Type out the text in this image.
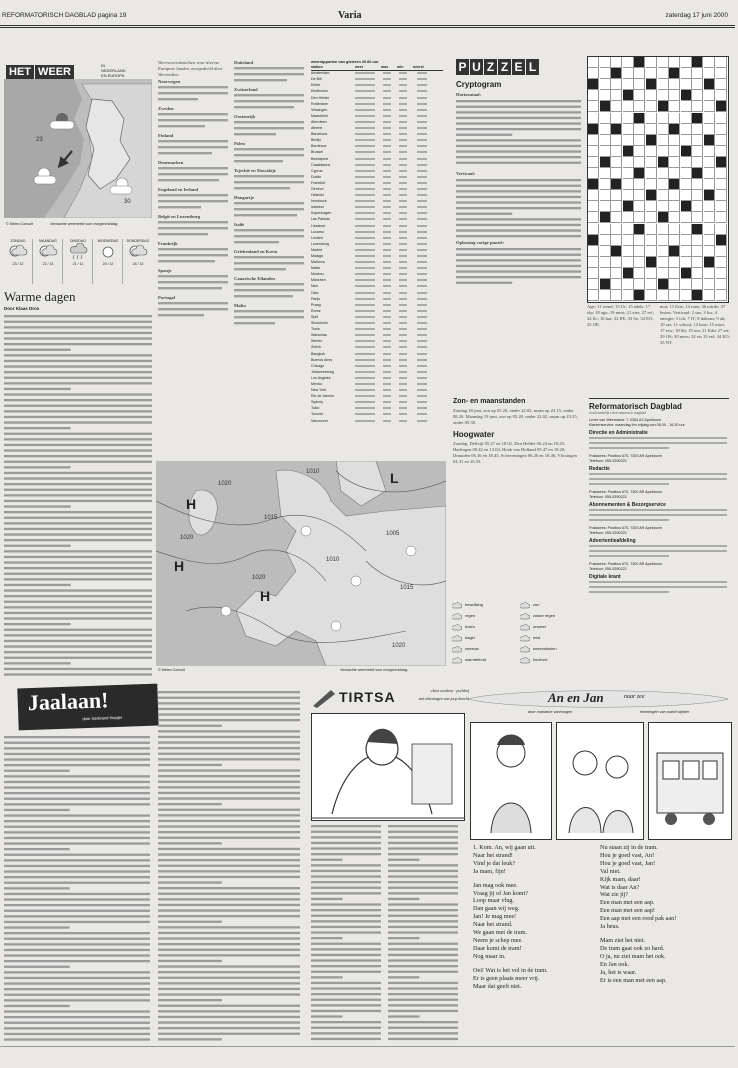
REFORMATORISCH DAGBLAD pagina 19	Varia	zaterdag 17 juni 2000
HET WEER
IN NEDERLAND EN EUROPA
23
30
© Meteo Consult	Verwachte weerbeeld voor morgenmiddag
ZONDAG
23 / 12
MAANDAG
22 / 13
DINSDAG
21 / 11
WOENSDAG
20 / 12
DONDERDAG
24 / 13
Warme dagen
Door Klaas Dros

Weersvooruitzichten voor diverse Europese landen, meegedeeld door Weeronline.

Noorwegen

Zweden

Finland

Denemarken

Engeland en Ierland

België en Luxemburg

Frankrijk

Spanje

Portugal

Duitsland

Zwitserland

Oostenrijk

Polen

Tsjechië en Slowakije

Hongarije

Italië

Griekenland en Kreta

Canarische Eilanden

Malta

weerrapporten van gisteren 20.00 uur
station	weer	max	min	neersl
Amsterdam
De Bilt
Eelde
Eindhoven
Den Helder
Rotterdam
Vlissingen
Maastricht
Aberdeen
Athene
Barcelona
Berlijn
Bordeaux
Brussel
Boedapest
Casablanca
Cyprus
Dublin
Frankfurt
Genève
Helsinki
Innsbruck
Istanbul
Kopenhagen
Las Palmas
Lissabon
Locarno
Londen
Luxemburg
Madrid
Malaga
Mallorca
Malta
Moskou
München
Nice
Oslo
Parijs
Praag
Rome
Split
Stockholm
Tunis
Warschau
Wenen
Zürich
Bangkok
Buenos Aires
Chicago
Johannesburg
Los Angeles
Mexico
New York
Rio de Janeiro
Sydney
Tokio
Toronto
Vancouver
P U Z Z E L
Cryptogram

Horizontaal:

Verticaal:

Oplossing vorige puzzel:

Age; 11 wend; 15 Ur; 15 adels; 17 elp; 18 ago; 19 mest; 21 zier; 27 erf; 24 Ilc; 16 hat; 32 EE; 33 Se; 34 EO; 35 OE.

mot; 11 Erie; 14 rune; 36 nitrile; 37 lesten. Verticaal: 2 sus; 3 los; 4 energie; 5 ich; 7 IT; 8 daltons; 9 ah; 10 ras; 11 schoot; 13 kars; 15 mira; 17 erw; 18 lib; 19 ion; 21 Eder 27 set; 29 OS; 30 mers; 32 ets 33 eel; 34 EO; 35 NT.

Zon- en maanstanden

Zondag 18 juni, zon op 05.20, onder 22.02, maan op 23.15, onder 08.26. Maandag 19 juni, zon op 05.20, onder 22.02, maan op 23.55, onder 09.38.

Hoogwater

Zondag: Delfzijl 05.27 en 18.02, Den Helder 06.24 en 18.45, Harlingen 00.42 en 13.04, Hoek van Holland 05.47 en 18.20, IJmuiden 06.16 en 18.45, Scheveningen 06.20 en 18.46, Vlissingen 04.31 en 16.55.

Reformatorisch Dagblad
onafhankelijk reformatorisch dagblad
Lezer van Weerstand: T. 0354 AZ Apeldoorn
Klantenservice: maandag t/m vrijdag van 08.00 - 16.30 uur
Directie en Administratie
Postadres: Postbus 670, 7300 AR Apeldoorn
Telefoon: 055-5390222
Redactie
Postadres: Postbus 670, 7300 AR Apeldoorn
Telefoon: 055-5390222
Abonnementen & Bezorgservice
Postadres: Postbus 670, 7300 AR Apeldoorn
Telefoon: 055-5390222
Advertentieafdeling
Postadres: Postbus 670, 7300 AR Apeldoorn
Telefoon: 055-5390222
Digitale krant
1020
1010
1020
1015
1010
1005
1015
1020
1020
H
H
H
L
© Meteo Consult	Verwachte weerbeeld voor morgenmiddag
bewolking	zon
regen	zware regen
buien	onweer
hagel	mist
sneeuw	sneeuwbuien
warmtefront	koufront
Jaalaan!
door Gerbrand Hooijer
TIRTSA	clara stockem - pockhof
met tekeningen van joop knecht	An en Jan	naar zee
door marianne vanhoogen	tekeningen van rudolf wijnker
1. Kom. An, wij gaan uit.
Naar het strand!
Vind je dat leuk?
Ja mam, fijn!
Jan mag ook mee.
Vraag jij of Jan komt?
Loop maar vlug.
Dan gaan wij weg.
Jan! Je mag mee!
Naar het strand.
We gaan met de tram.
Neem je schep mee.
Daar komt de tram!
Nog maar in.
Oei! Wat is het vol in de tram.
Er is geen plaats meer vrij.
Maar dat geeft niet.
Nu staan zij in de tram.
Hou je goed vast, An!
Hou je goed vast, Jan!
Val niet.
Kijk mam, daar!
Wat is daar An?
Wat zie jij?
Een man met een aap.
Een man met een aap!
Een aap met een rood pak aan!
Ja heus.
Mam ziet het niet.
De tram gaat ook zo hard.
O ja, nu ziet mam het ook.
En Jan ook.
Ja, het is waar.
Er is een man met een aap.
